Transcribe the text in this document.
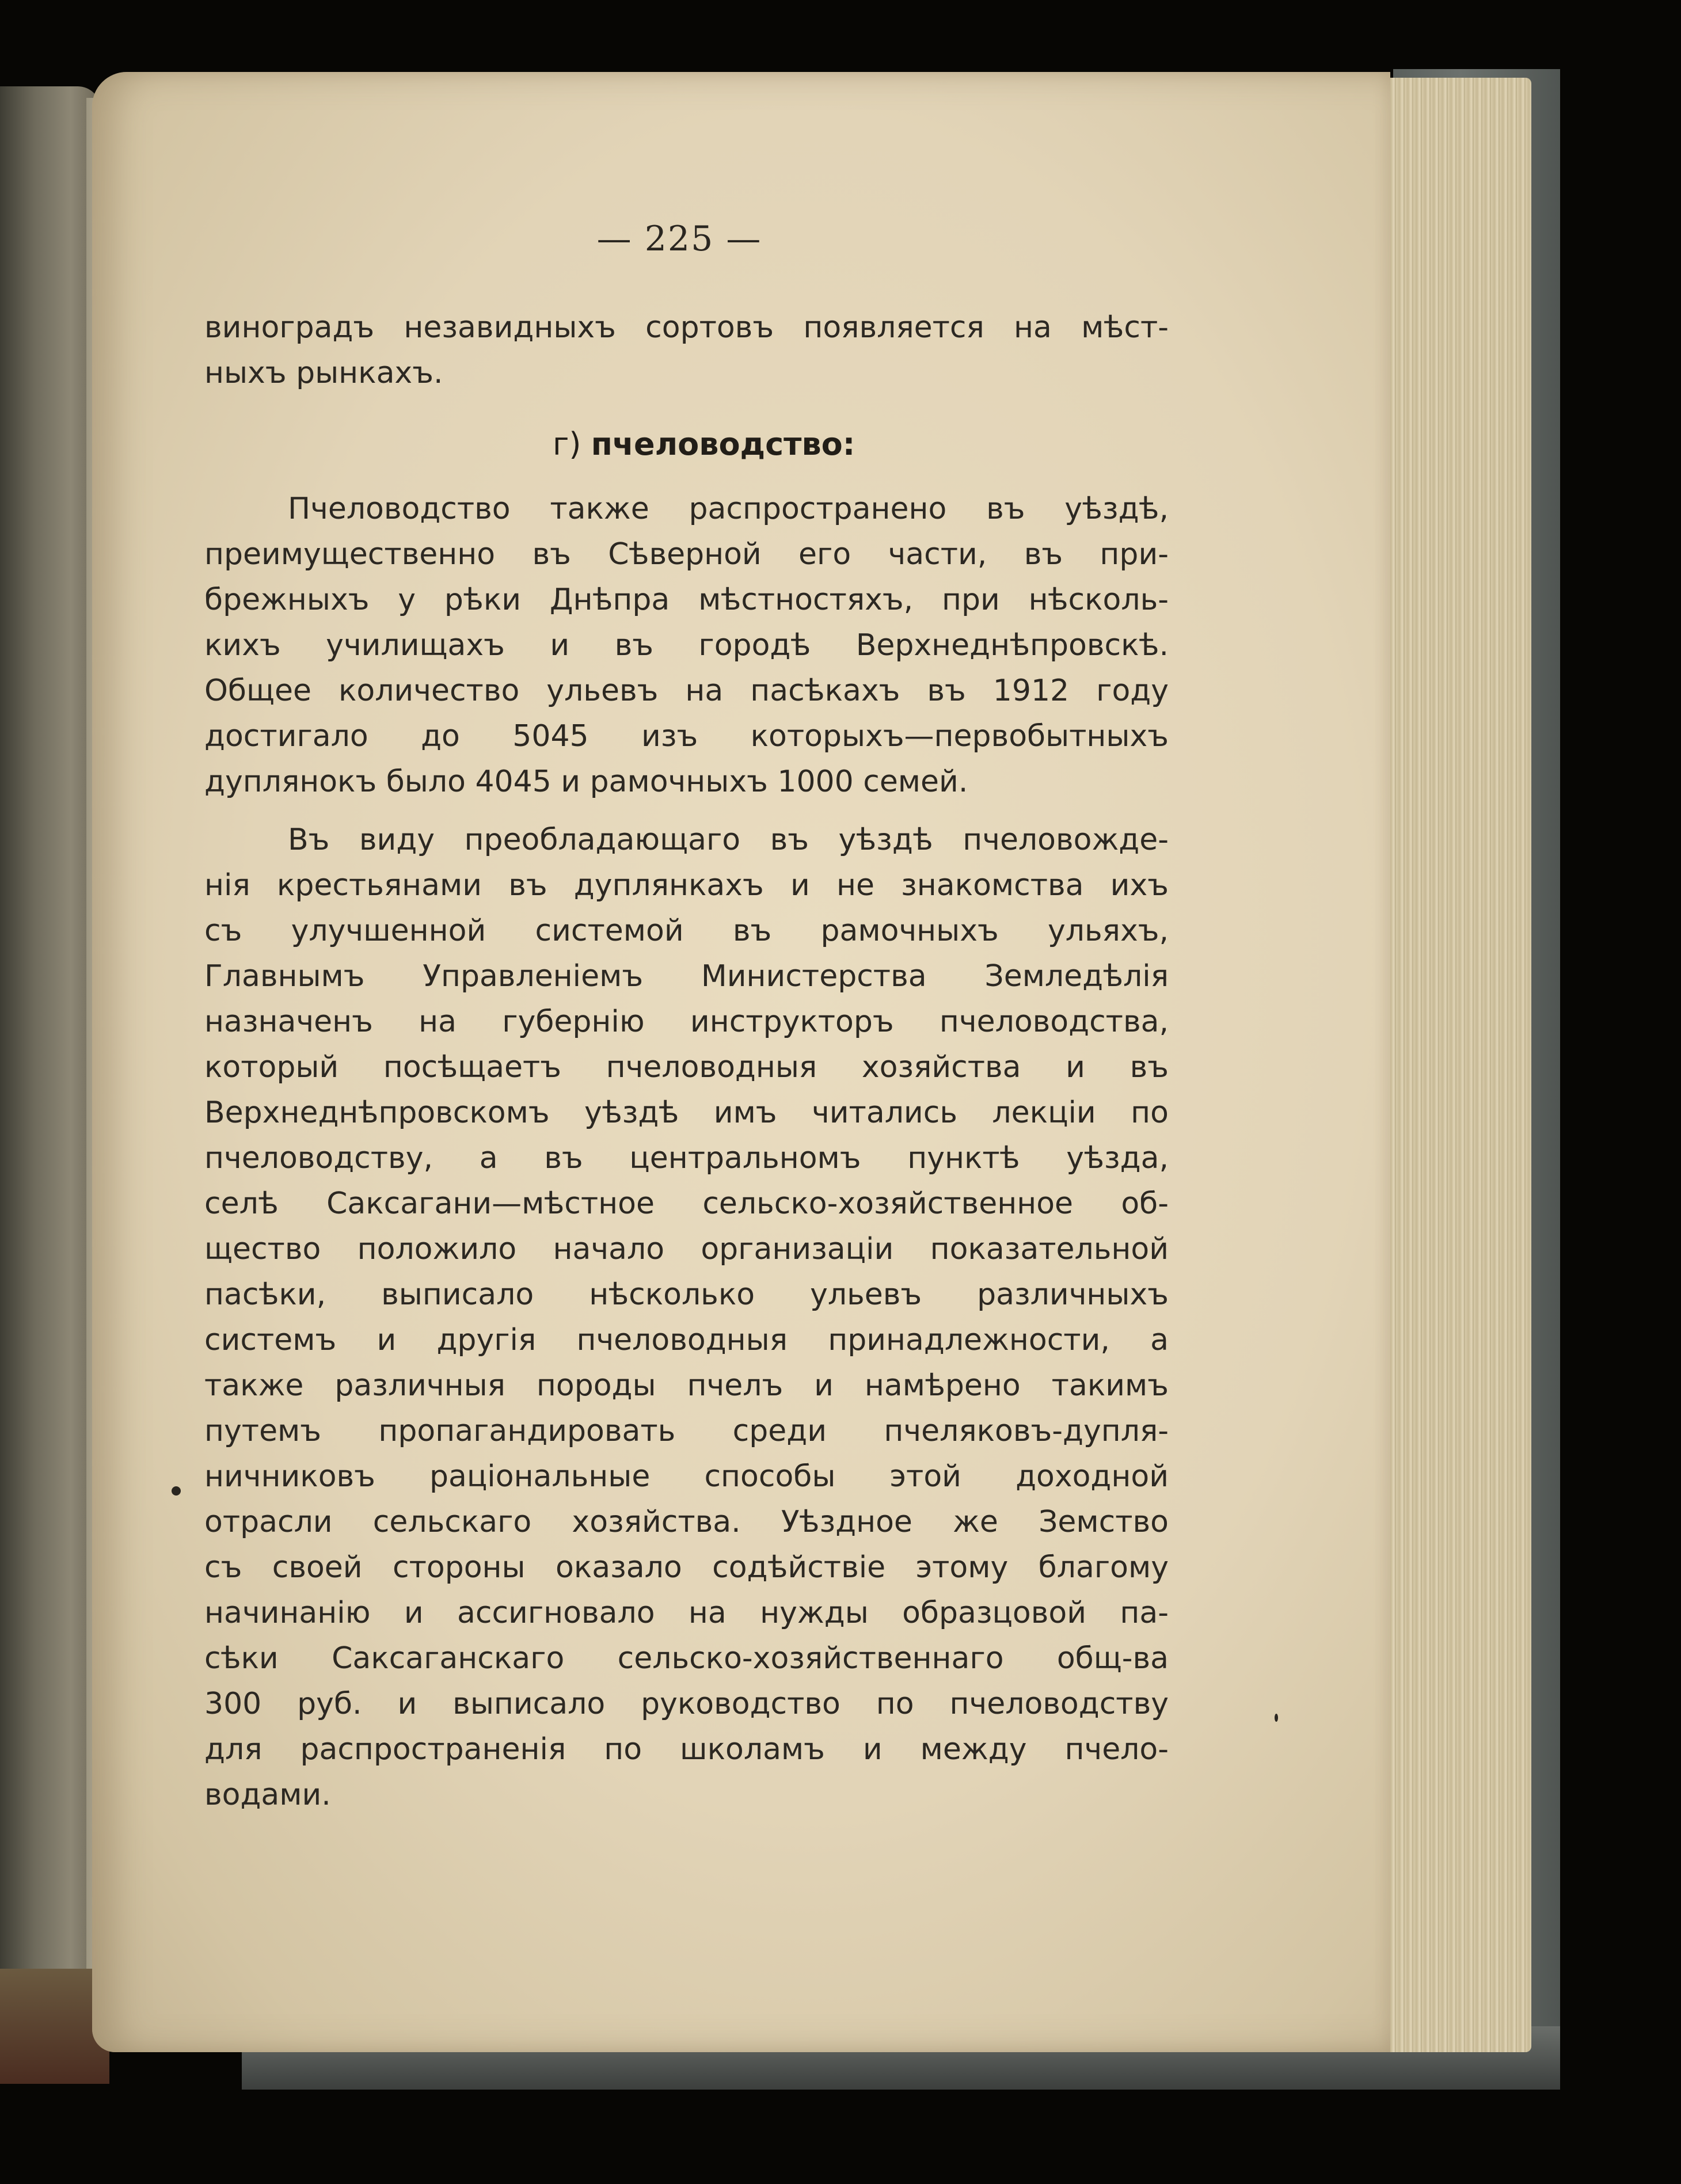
— 225 —
виноградъ незавидныхъ сортовъ появляется на мѣст-
ныхъ рынкахъ.
г) пчеловодство:
Пчеловодство также распространено въ уѣздѣ,
преимущественно въ Сѣверной его части, въ при-
брежныхъ у рѣки Днѣпра мѣстностяхъ, при нѣсколь-
кихъ училищахъ и въ городѣ Верхнеднѣпровскѣ.
Общее количество ульевъ на пасѣкахъ въ 1912 году
достигало до 5045 изъ которыхъ—первобытныхъ
дуплянокъ было 4045 и рамочныхъ 1000 семей.
Въ виду преобладающаго въ уѣздѣ пчеловожде-
нія крестьянами въ дуплянкахъ и не знакомства ихъ
съ улучшенной системой въ рамочныхъ ульяхъ,
Главнымъ Управленіемъ Министерства Земледѣлія
назначенъ на губернію инструкторъ пчеловодства,
который посѣщаетъ пчеловодныя хозяйства и въ
Верхнеднѣпровскомъ уѣздѣ имъ читались лекціи по
пчеловодству, а въ центральномъ пунктѣ уѣзда,
селѣ Саксагани—мѣстное сельско-хозяйственное об-
щество положило начало организаціи показательной
пасѣки, выписало нѣсколько ульевъ различныхъ
системъ и другія пчеловодныя принадлежности, а
также различныя породы пчелъ и намѣрено такимъ
путемъ пропагандировать среди пчеляковъ-дупля-
ничниковъ раціональные способы этой доходной
отрасли сельскаго хозяйства. Уѣздное же Земство
съ своей стороны оказало содѣйствіе этому благому
начинанію и ассигновало на нужды образцовой па-
сѣки Саксаганскаго сельско-хозяйственнаго общ-ва
300 руб. и выписало руководство по пчеловодству
для распространенія по школамъ и между пчело-
водами.
